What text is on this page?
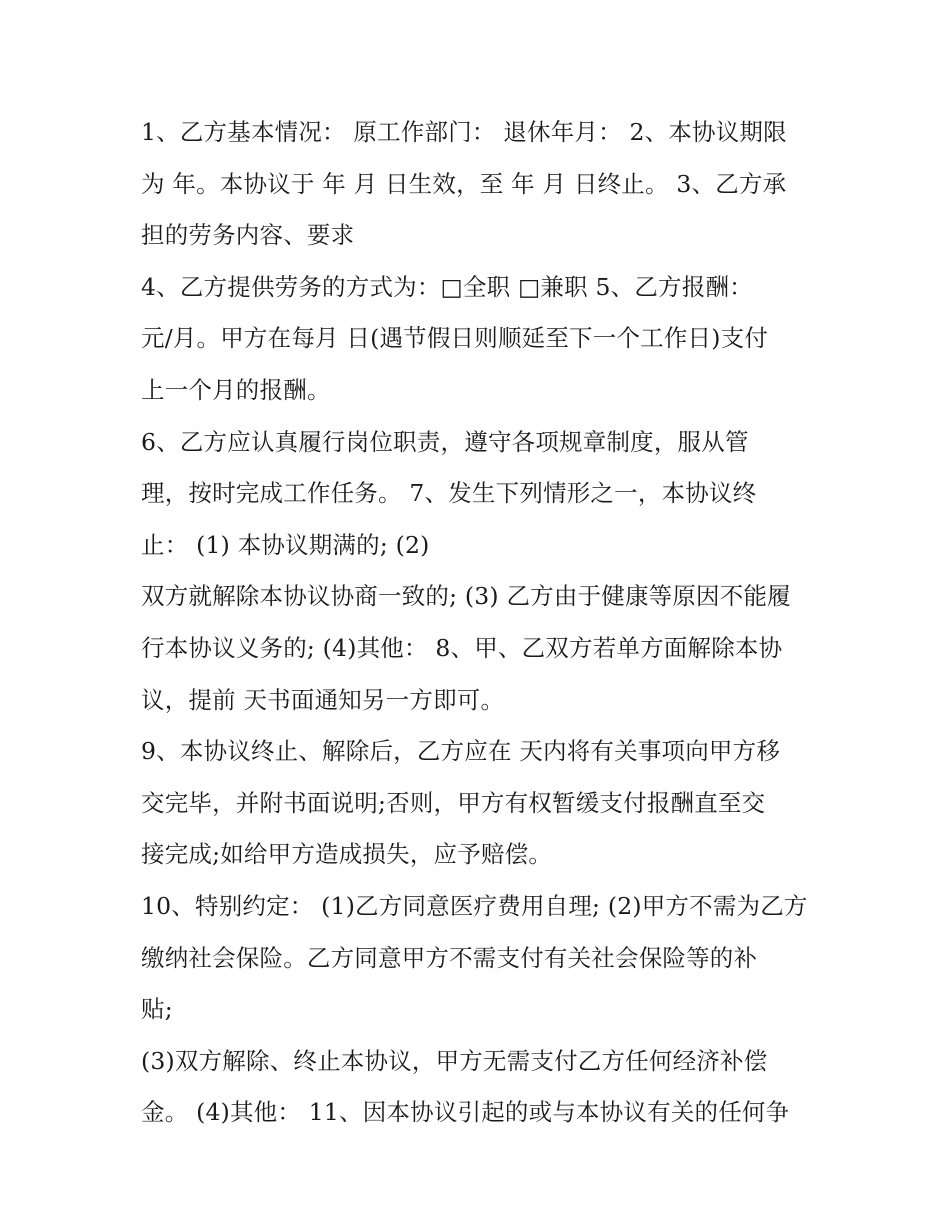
1、乙方基本情况： 原工作部门： 退休年月： 2、本协议期限
为 年。本协议于 年 月 日生效，至 年 月 日终止。 3、乙方承
担的劳务内容、要求
4、乙方提供劳务的方式为：□全职 □兼职 5、乙方报酬：
元/月。甲方在每月 日(遇节假日则顺延至下一个工作日)支付
上一个月的报酬。
6、乙方应认真履行岗位职责，遵守各项规章制度，服从管
理，按时完成工作任务。 7、发生下列情形之一，本协议终
止： (1) 本协议期满的; (2)
双方就解除本协议协商一致的; (3) 乙方由于健康等原因不能履
行本协议义务的; (4)其他： 8、甲、乙双方若单方面解除本协
议，提前 天书面通知另一方即可。
9、本协议终止、解除后，乙方应在 天内将有关事项向甲方移
交完毕，并附书面说明;否则，甲方有权暂缓支付报酬直至交
接完成;如给甲方造成损失，应予赔偿。
10、特别约定： (1)乙方同意医疗费用自理; (2)甲方不需为乙方
缴纳社会保险。乙方同意甲方不需支付有关社会保险等的补
贴;
(3)双方解除、终止本协议，甲方无需支付乙方任何经济补偿
金。 (4)其他： 11、因本协议引起的或与本协议有关的任何争
